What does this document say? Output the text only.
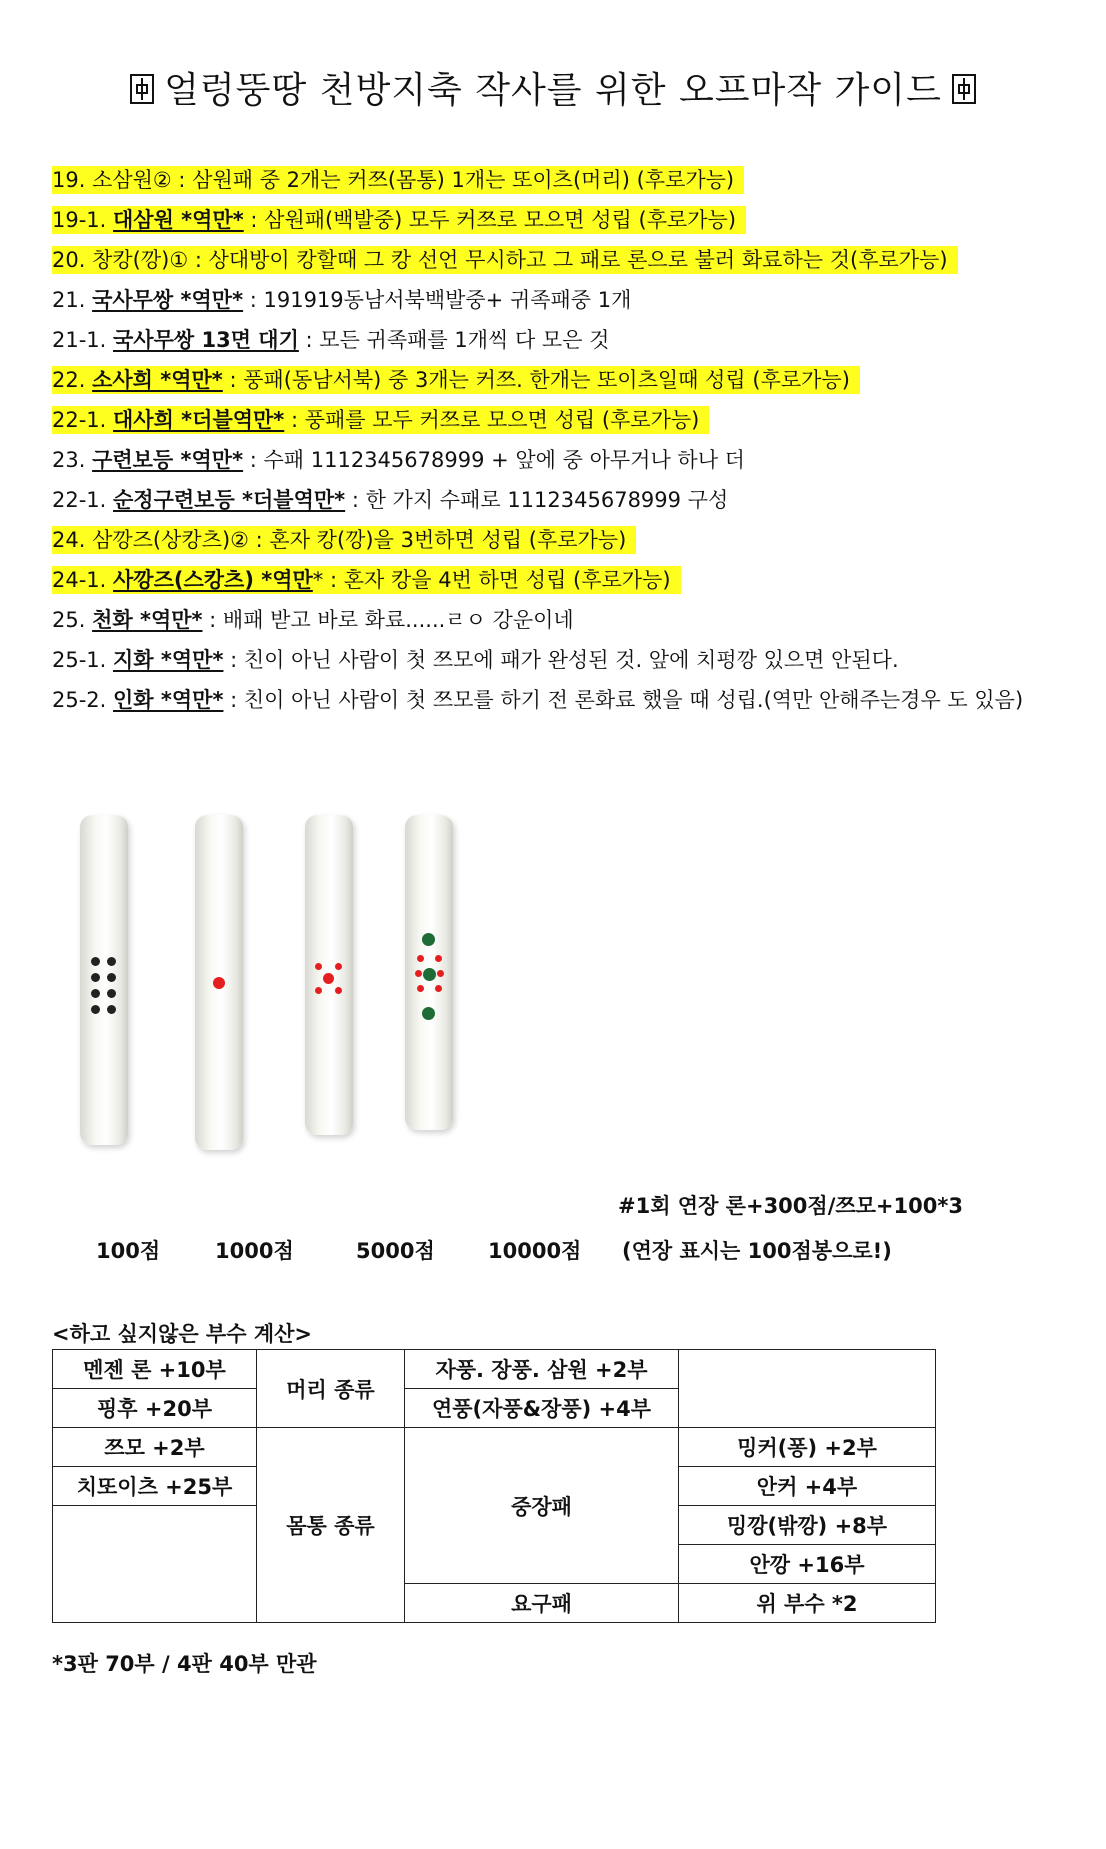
얼렁뚱땅 천방지축 작사를 위한 오프마작 가이드
19. 소삼원② : 삼원패 중 2개는 커쯔(몸통) 1개는 또이츠(머리) (후로가능)
19-1. 대삼원 *역만* : 삼원패(백발중) 모두 커쯔로 모으면 성립 (후로가능)
20. 창캉(깡)① : 상대방이 캉할때 그 캉 선언 무시하고 그 패로 론으로 불러 화료하는 것(후로가능)
21. 국사무쌍 *역만* : 191919동남서북백발중+ 귀족패중 1개
21-1. 국사무쌍 13면 대기 : 모든 귀족패를 1개씩 다 모은 것
22. 소사희 *역만* : 풍패(동남서북) 중 3개는 커쯔. 한개는 또이츠일때 성립 (후로가능)
22-1. 대사희 *더블역만* : 풍패를 모두 커쯔로 모으면 성립 (후로가능)
23. 구련보등 *역만* : 수패 1112345678999 + 앞에 중 아무거나 하나 더
22-1. 순정구련보등 *더블역만* : 한 가지 수패로 1112345678999 구성
24. 삼깡즈(상캉츠)② : 혼자 캉(깡)을 3번하면 성립 (후로가능)
24-1. 사깡즈(스캉츠) *역만* : 혼자 캉을 4번 하면 성립 (후로가능)
25. 천화 *역만* : 배패 받고 바로 화료......ㄹㅇ 강운이네
25-1. 지화 *역만* : 친이 아닌 사람이 첫 쯔모에 패가 완성된 것. 앞에 치펑깡 있으면 안된다.
25-2. 인화 *역만* : 친이 아닌 사람이 첫 쯔모를 하기 전 론화료 했을 때 성립.(역만 안해주는경우 도 있음)
#1회 연장 론+300점/쯔모+100*3
100점	1000점	5000점	10000점 (연장 표시는 100점봉으로!)
<하고 싶지않은 부수 계산>
멘젠 론 +10부	머리 종류	자풍. 장풍. 삼원 +2부	
핑후 +20부		연풍(자풍&장풍) +4부	
쯔모 +2부	몸통 종류	중장패	밍커(퐁) +2부
치또이츠 +25부			안커 +4부
			밍깡(밖깡) +8부
			안깡 +16부
		요구패	위 부수 *2
*3판 70부 / 4판 40부 만관
